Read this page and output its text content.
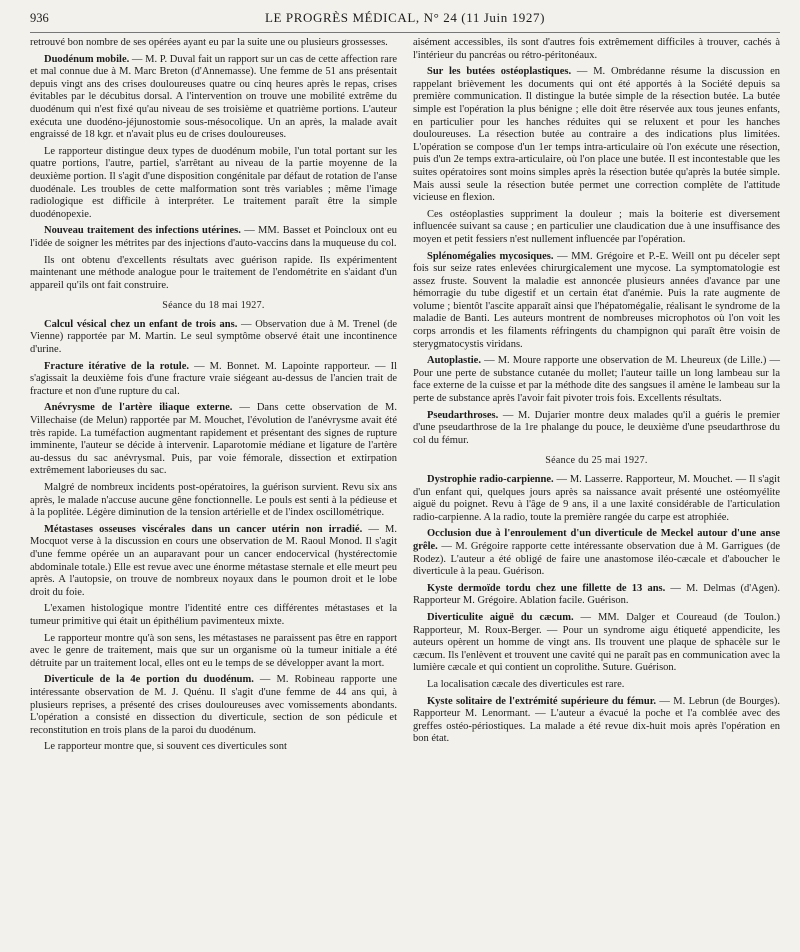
936	LE PROGRÈS MÉDICAL, N° 24 (11 Juin 1927)

retrouvé bon nombre de ses opérées ayant eu par la suite une ou plusieurs grossesses.

Duodénum mobile. — M. P. Duval fait un rapport sur un cas de cette affection rare et mal connue due à M. Marc Breton (d'Annemasse). Une femme de 51 ans présentait depuis vingt ans des crises douloureuses quatre ou cinq heures après le repas, crises évitables par le décubitus dorsal. A l'intervention on trouve une mobilité extrême du duodénum qui n'est fixé qu'au niveau de ses troisième et quatrième portions. L'auteur exécuta une duodéno-jéjunostomie sous-mésocolique. Un an après, la malade avait engraissé de 18 kgr. et n'avait plus eu de crises douloureuses.

Le rapporteur distingue deux types de duodénum mobile, l'un total portant sur les quatre portions, l'autre, partiel, s'arrêtant au niveau de la partie moyenne de la deuxième portion. Il s'agit d'une disposition congénitale par défaut de rotation de l'anse duodénale. Les troubles de cette malformation sont très variables ; même l'image radiologique est difficile à interpréter. Le traitement paraît être la simple duodénopexie.

Nouveau traitement des infections utérines. — MM. Basset et Poincloux ont eu l'idée de soigner les métrites par des injections d'auto-vaccins dans la muqueuse du col.

Ils ont obtenu d'excellents résultats avec guérison rapide. Ils expérimentent maintenant une méthode analogue pour le traitement de l'endométrite en s'aidant d'un appareil qu'ils ont fait construire.

Séance du 18 mai 1927.

Calcul vésical chez un enfant de trois ans. — Observation due à M. Trenel (de Vienne) rapportée par M. Martin. Le seul symptôme observé était une incontinence d'urine.

Fracture itérative de la rotule. — M. Bonnet. M. Lapointe rapporteur. — Il s'agissait la deuxième fois d'une fracture vraie siégeant au-dessus de l'ancien trait de fracture et non d'une rupture du cal.

Anévrysme de l'artère iliaque externe. — Dans cette observation de M. Villechaise (de Melun) rapportée par M. Mouchet, l'évolution de l'anévrysme avait été très rapide. La tuméfaction augmentant rapidement et présentant des signes de rupture imminente, l'auteur se décide à intervenir. Laparotomie médiane et ligature de l'artère au-dessus du sac anévrysmal. Puis, par voie fémorale, dissection et extirpation extrêmement laborieuses du sac.

Malgré de nombreux incidents post-opératoires, la guérison survient. Revu six ans après, le malade n'accuse aucune gêne fonctionnelle. Le pouls est senti à la pédieuse et à la poplitée. Légère diminution de la tension artérielle et de l'index oscillométrique.

Métastases osseuses viscérales dans un cancer utérin non irradié. — M. Mocquot verse à la discussion en cours une observation de M. Raoul Monod. Il s'agit d'une femme opérée un an auparavant pour un cancer endocervical (hystérectomie abdominale totale.) Elle est revue avec une énorme métastase sternale et elle meurt peu après. A l'autopsie, on trouve de nombreux noyaux dans le poumon droit et le lobe droit du foie.

L'examen histologique montre l'identité entre ces différentes métastases et la tumeur primitive qui était un épithélium pavimenteux mixte.

Le rapporteur montre qu'à son sens, les métastases ne paraissent pas être en rapport avec le genre de traitement, mais que sur un organisme où la tumeur initiale a été détruite par un traitement local, elles ont eu le temps de se développer avant la mort.

Diverticule de la 4e portion du duodénum. — M. Robineau rapporte une intéressante observation de M. J. Quénu. Il s'agit d'une femme de 44 ans qui, à plusieurs reprises, a présenté des crises douloureuses avec vomissements abondants. L'opération a consisté en dissection du diverticule, section de son pédicule et reconstitution en trois plans de la paroi du duodénum.

Le rapporteur montre que, si souvent ces diverticules sont

aisément accessibles, ils sont d'autres fois extrêmement difficiles à trouver, cachés à l'intérieur du pancréas ou rétro-péritonéaux.

Sur les butées ostéoplastiques. — M. Ombrédanne résume la discussion en rappelant brièvement les documents qui ont été apportés à la Société depuis sa première communication. Il distingue la butée simple de la résection butée. La butée simple est l'opération la plus bénigne ; elle doit être réservée aux tous jeunes enfants, en particulier pour les hanches réduites qui se reluxent et pour les hanches douloureuses. La résection butée au contraire a des indications plus limitées. L'opération se compose d'un 1er temps intra-articulaire où l'on exécute une résection, puis d'un 2e temps extra-articulaire, où l'on place une butée. Il est incontestable que les suites opératoires sont moins simples après la résection butée qu'après la butée simple. Mais aussi seule la résection butée permet une correction complète de l'attitude vicieuse en flexion.

Ces ostéoplasties suppriment la douleur ; mais la boiterie est diversement influencée suivant sa cause ; en particulier une claudication due à une insuffisance des moyen et petit fessiers n'est nullement influencée par l'opération.

Splénomégalies mycosiques. — MM. Grégoire et P.-E. Weill ont pu déceler sept fois sur seize rates enlevées chirurgicalement une mycose. La symptomatologie est assez fruste. Souvent la maladie est annoncée plusieurs années d'avance par une hémorragie du tube digestif et un certain état d'anémie. Puis la rate augmente de volume ; bientôt l'ascite apparaît ainsi que l'hépatomégalie, réalisant le syndrome de la maladie de Banti. Les auteurs montrent de nombreuses microphotos où l'on voit les corps arrondis et les filaments réfringents du champignon qui paraît être voisin de sterygmatocystis viridans.

Autoplastie. — M. Moure rapporte une observation de M. Lheureux (de Lille.) — Pour une perte de substance cutanée du mollet; l'auteur taille un long lambeau sur la face externe de la cuisse et par la méthode dite des sangsues il amène le lambeau sur la perte de substance après l'avoir fait pivoter trois fois. Excellents résultats.

Pseudarthroses. — M. Dujarier montre deux malades qu'il a guéris le premier d'une pseudarthrose de la 1re phalange du pouce, le deuxième d'une pseudarthrose du col du fémur.

Séance du 25 mai 1927.

Dystrophie radio-carpienne. — M. Lasserre. Rapporteur, M. Mouchet. — Il s'agit d'un enfant qui, quelques jours après sa naissance avait présenté une ostéomyélite aiguë du poignet. Revu à l'âge de 9 ans, il a une laxité considérable de l'articulation radio-carpienne. A la radio, toute la première rangée du carpe est atrophiée.

Occlusion due à l'enroulement d'un diverticule de Meckel autour d'une anse grêle. — M. Grégoire rapporte cette intéressante observation due à M. Garrigues (de Rodez). L'auteur a été obligé de faire une anastomose iléo-cæcale et d'aboucher le diverticule à la peau. Guérison.

Kyste dermoïde tordu chez une fillette de 13 ans. — M. Delmas (d'Agen). Rapporteur M. Grégoire. Ablation facile. Guérison.

Diverticulite aiguë du cæcum. — MM. Dalger et Coureaud (de Toulon.) Rapporteur, M. Roux-Berger. — Pour un syndrome aigu étiqueté appendicite, les auteurs opèrent un homme de vingt ans. Ils trouvent une plaque de sphacèle sur le cæcum. Ils l'enlèvent et trouvent une cavité qui ne paraît pas en communication avec la lumière cæcale et qui contient un coprolithe. Suture. Guérison.

La localisation cæcale des diverticules est rare.

Kyste solitaire de l'extrémité supérieure du fémur. — M. Lebrun (de Bourges). Rapporteur M. Lenormant. — L'auteur a évacué la poche et l'a comblée avec des greffes ostéo-périostiques. La malade a été revue dix-huit mois après l'opération en bon état.
